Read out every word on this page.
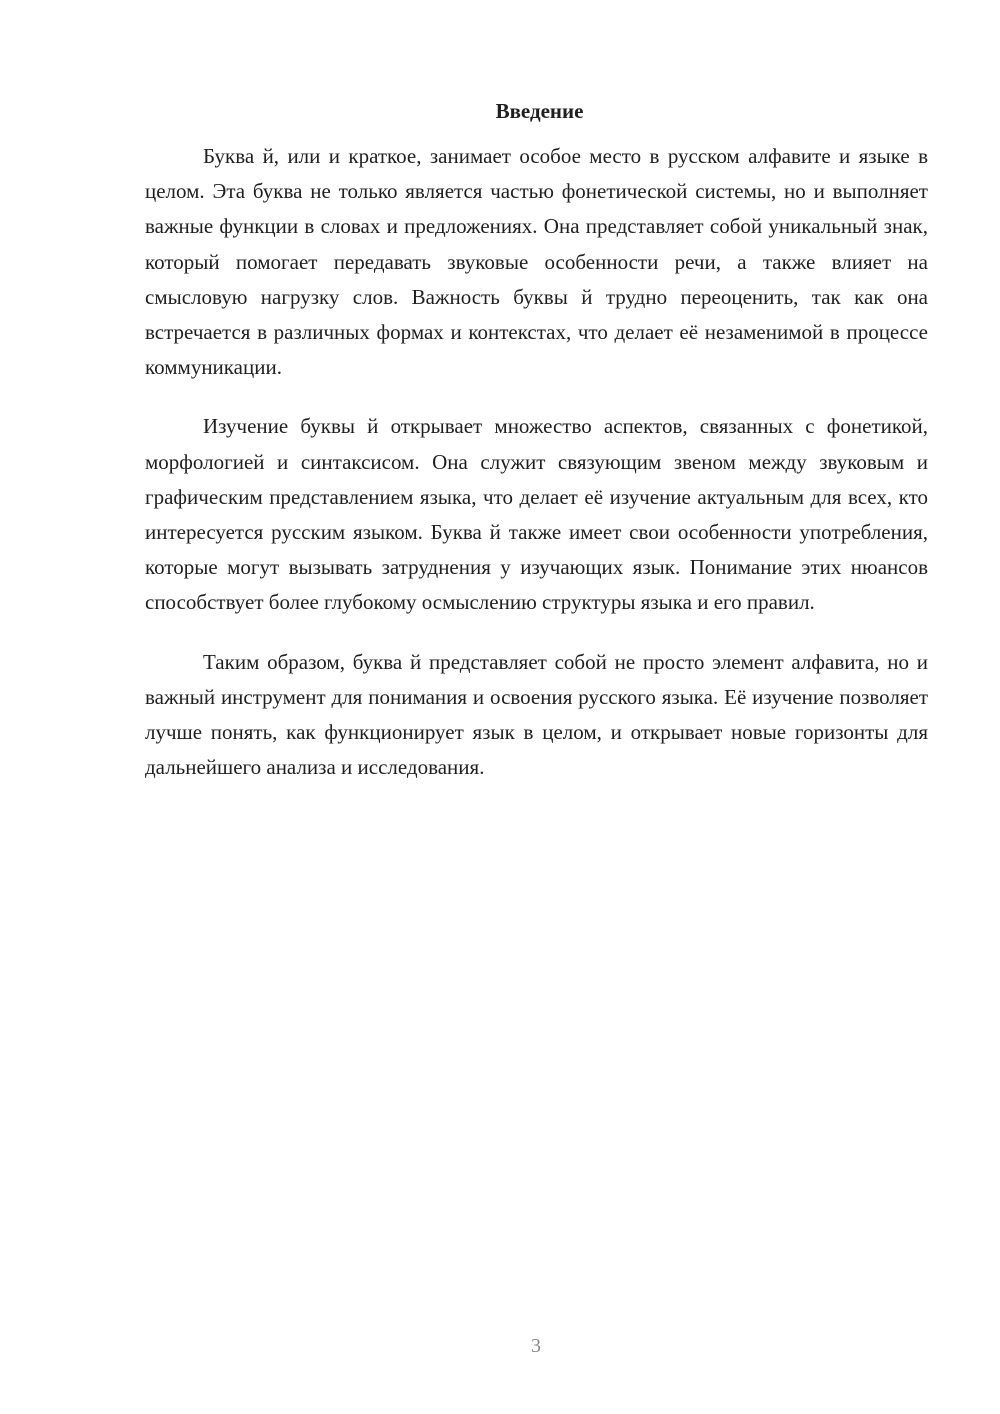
Введение

Буква й, или и краткое, занимает особое место в русском алфавите и языке в целом. Эта буква не только является частью фонетической системы, но и выполняет важные функции в словах и предложениях. Она представляет собой уникальный знак, который помогает передавать звуковые особенности речи, а также влияет на смысловую нагрузку слов. Важность буквы й трудно переоценить, так как она встречается в различных формах и контекстах, что делает её незаменимой в процессе коммуникации.

Изучение буквы й открывает множество аспектов, связанных с фонетикой, морфологией и синтаксисом. Она служит связующим звеном между звуковым и графическим представлением языка, что делает её изучение актуальным для всех, кто интересуется русским языком. Буква й также имеет свои особенности употребления, которые могут вызывать затруднения у изучающих язык. Понимание этих нюансов способствует более глубокому осмыслению структуры языка и его правил.

Таким образом, буква й представляет собой не просто элемент алфавита, но и важный инструмент для понимания и освоения русского языка. Её изучение позволяет лучше понять, как функционирует язык в целом, и открывает новые горизонты для дальнейшего анализа и исследования.

3
